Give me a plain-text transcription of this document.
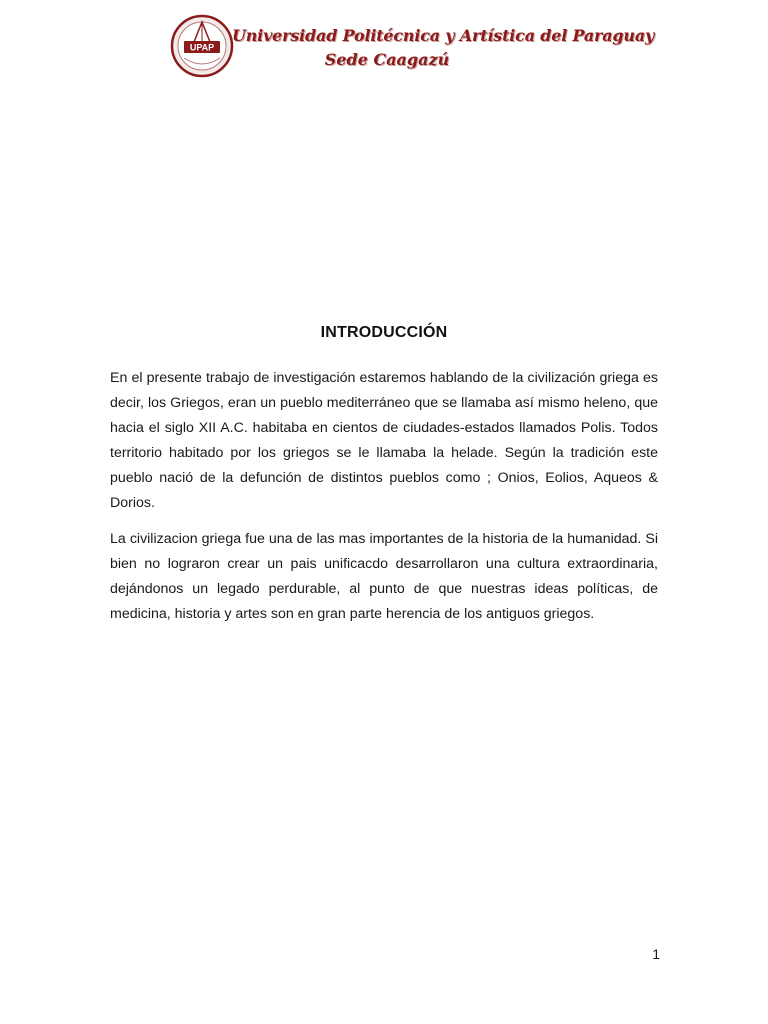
UPAP
Universidad Politécnica y Artística del Paraguay
Sede Caagazú
INTRODUCCIÓN

En el presente trabajo de investigación estaremos hablando de la civilización griega es decir, los Griegos, eran un pueblo mediterráneo que se llamaba así mismo heleno, que hacia el siglo XII A.C. habitaba en cientos de ciudades-estados llamados Polis. Todos territorio habitado por los griegos se le llamaba la helade. Según la tradición este pueblo nació de la defunción de distintos pueblos como ; Onios, Eolios, Aqueos & Dorios.

La civilizacion griega fue una de las mas importantes de la historia de la humanidad. Si bien no lograron crear un pais unificacdo desarrollaron una cultura extraordinaria, dejándonos un legado perdurable, al punto de que nuestras ideas políticas, de medicina, historia y artes son en gran parte herencia de los antiguos griegos.

1
